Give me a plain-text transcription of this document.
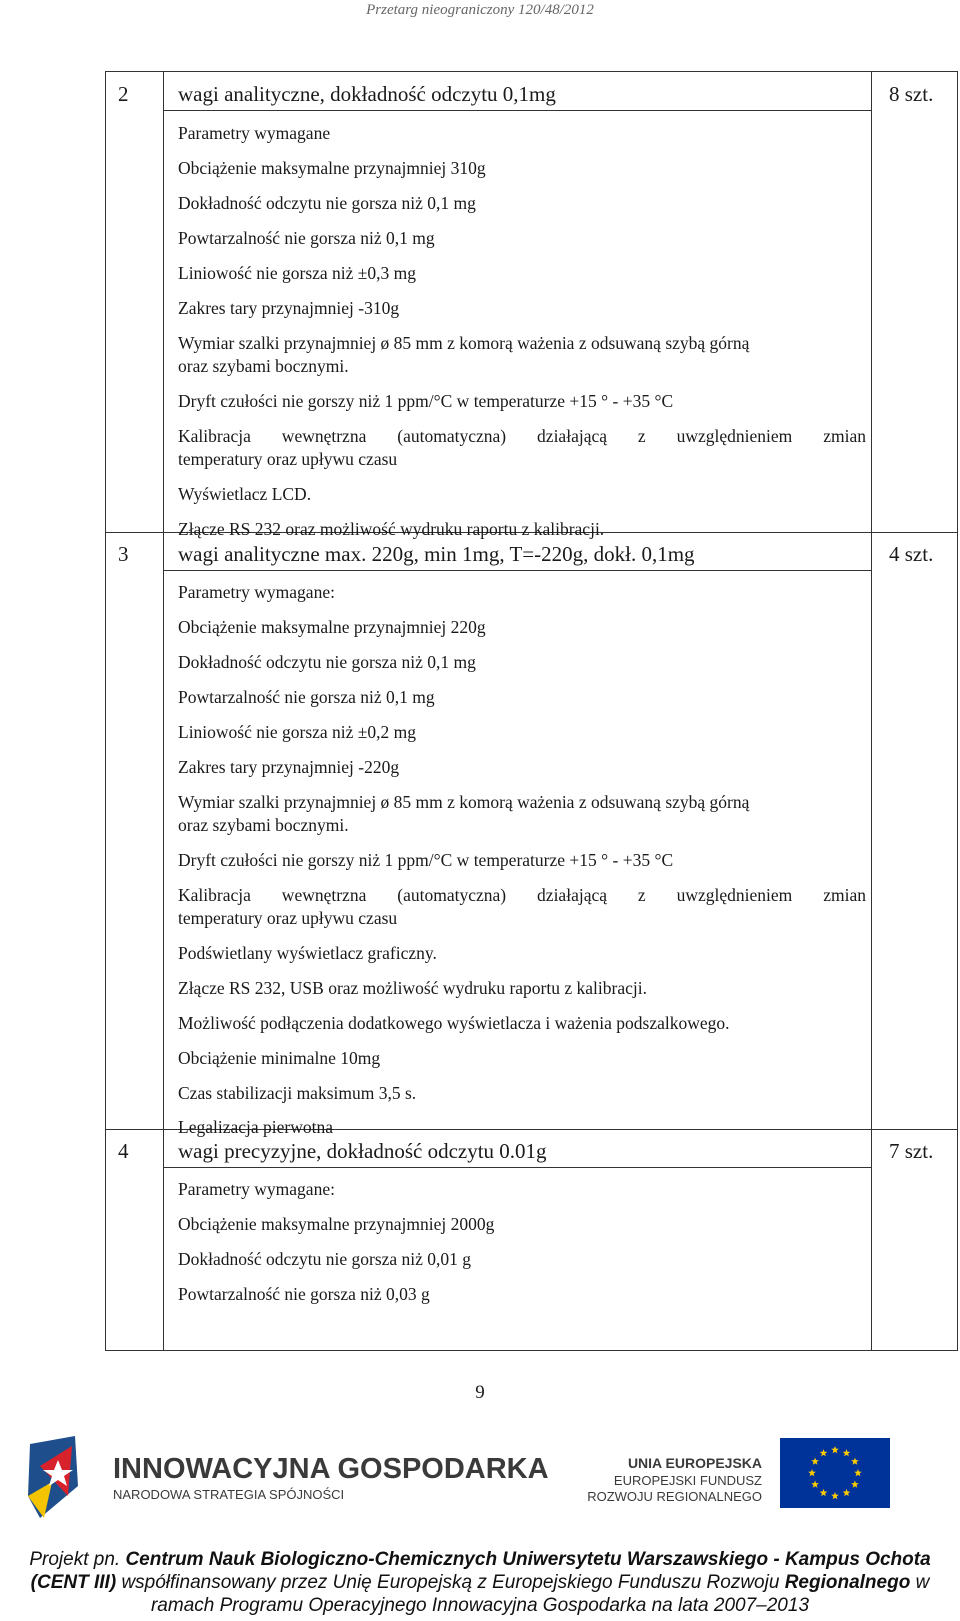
Przetarg nieograniczony 120/48/2012
2 wagi analityczne, dokładność odczytu 0,1mg	8 szt.
Parametry wymagane
Obciążenie maksymalne przynajmniej 310g
Dokładność odczytu nie gorsza niż 0,1 mg
Powtarzalność nie gorsza niż 0,1 mg
Liniowość nie gorsza niż ±0,3 mg
Zakres tary przynajmniej -310g
Wymiar szalki przynajmniej ø 85 mm z komorą ważenia z odsuwaną szybą górną
oraz szybami bocznymi.
Dryft czułości nie gorszy niż 1 ppm/°C w temperaturze +15 ° - +35 °C
Kalibracja wewnętrzna (automatyczna) działającą z uwzględnieniem zmian
temperatury oraz upływu czasu
Wyświetlacz LCD.
Złącze RS 232 oraz możliwość wydruku raportu z kalibracji.
3 wagi analityczne max. 220g, min 1mg, T=-220g, dokł. 0,1mg	4 szt.
Parametry wymagane:
Obciążenie maksymalne przynajmniej 220g
Dokładność odczytu nie gorsza niż 0,1 mg
Powtarzalność nie gorsza niż 0,1 mg
Liniowość nie gorsza niż ±0,2 mg
Zakres tary przynajmniej -220g
Wymiar szalki przynajmniej ø 85 mm z komorą ważenia z odsuwaną szybą górną
oraz szybami bocznymi.
Dryft czułości nie gorszy niż 1 ppm/°C w temperaturze +15 ° - +35 °C
Kalibracja wewnętrzna (automatyczna) działającą z uwzględnieniem zmian
temperatury oraz upływu czasu
Podświetlany wyświetlacz graficzny.
Złącze RS 232, USB oraz możliwość wydruku raportu z kalibracji.
Możliwość podłączenia dodatkowego wyświetlacza i ważenia podszalkowego.
Obciążenie minimalne 10mg
Czas stabilizacji maksimum 3,5 s.
Legalizacja pierwotna
4 wagi precyzyjne, dokładność odczytu 0.01g	7 szt.
Parametry wymagane:
Obciążenie maksymalne przynajmniej 2000g
Dokładność odczytu nie gorsza niż 0,01 g
Powtarzalność nie gorsza niż 0,03 g
9
INNOWACYJNA GOSPODARKA
NARODOWA STRATEGIA SPÓJNOŚCI
UNIA EUROPEJSKA
EUROPEJSKI FUNDUSZ
ROZWOJU REGIONALNEGO
Projekt pn. Centrum Nauk Biologiczno-Chemicznych Uniwersytetu Warszawskiego - Kampus Ochota (CENT III) współfinansowany przez Unię Europejską z Europejskiego Funduszu Rozwoju Regionalnego w ramach Programu Operacyjnego Innowacyjna Gospodarka na lata 2007–2013
